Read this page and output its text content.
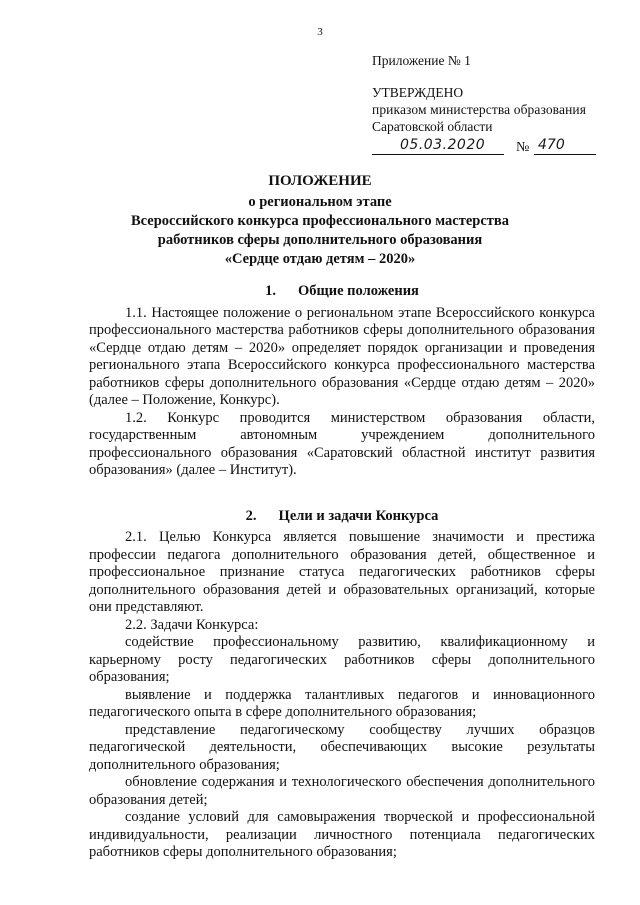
3
Приложение № 1
УТВЕРЖДЕНО
приказом министерства образования
Саратовской области
05.03.2020	№ 470
ПОЛОЖЕНИЕ
о региональном этапе
Всероссийского конкурса профессионального мастерства
работников сферы дополнительного образования
«Сердце отдаю детям – 2020»
1. Общие положения

1.1. Настоящее положение о региональном этапе Всероссийского конкурса профессионального мастерства работников сферы дополнительного образования «Сердце отдаю детям – 2020» определяет порядок организации и проведения регионального этапа Всероссийского конкурса профессионального мастерства работников сферы дополнительного образования «Сердце отдаю детям – 2020» (далее – Положение, Конкурс).

1.2. Конкурс проводится министерством образования области, государственным автономным учреждением дополнительного профессионального образования «Саратовский областной институт развития образования» (далее – Институт).

2. Цели и задачи Конкурса

2.1. Целью Конкурса является повышение значимости и престижа профессии педагога дополнительного образования детей, общественное и профессиональное признание статуса педагогических работников сферы дополнительного образования детей и образовательных организаций, которые они представляют.

2.2. Задачи Конкурса:

содействие профессиональному развитию, квалификационному и карьерному росту педагогических работников сферы дополнительного образования;

выявление и поддержка талантливых педагогов и инновационного педагогического опыта в сфере дополнительного образования;

представление педагогическому сообществу лучших образцов педагогической деятельности, обеспечивающих высокие результаты дополнительного образования;

обновление содержания и технологического обеспечения дополнительного образования детей;

создание условий для самовыражения творческой и профессиональной индивидуальности, реализации личностного потенциала педагогических работников сферы дополнительного образования;
